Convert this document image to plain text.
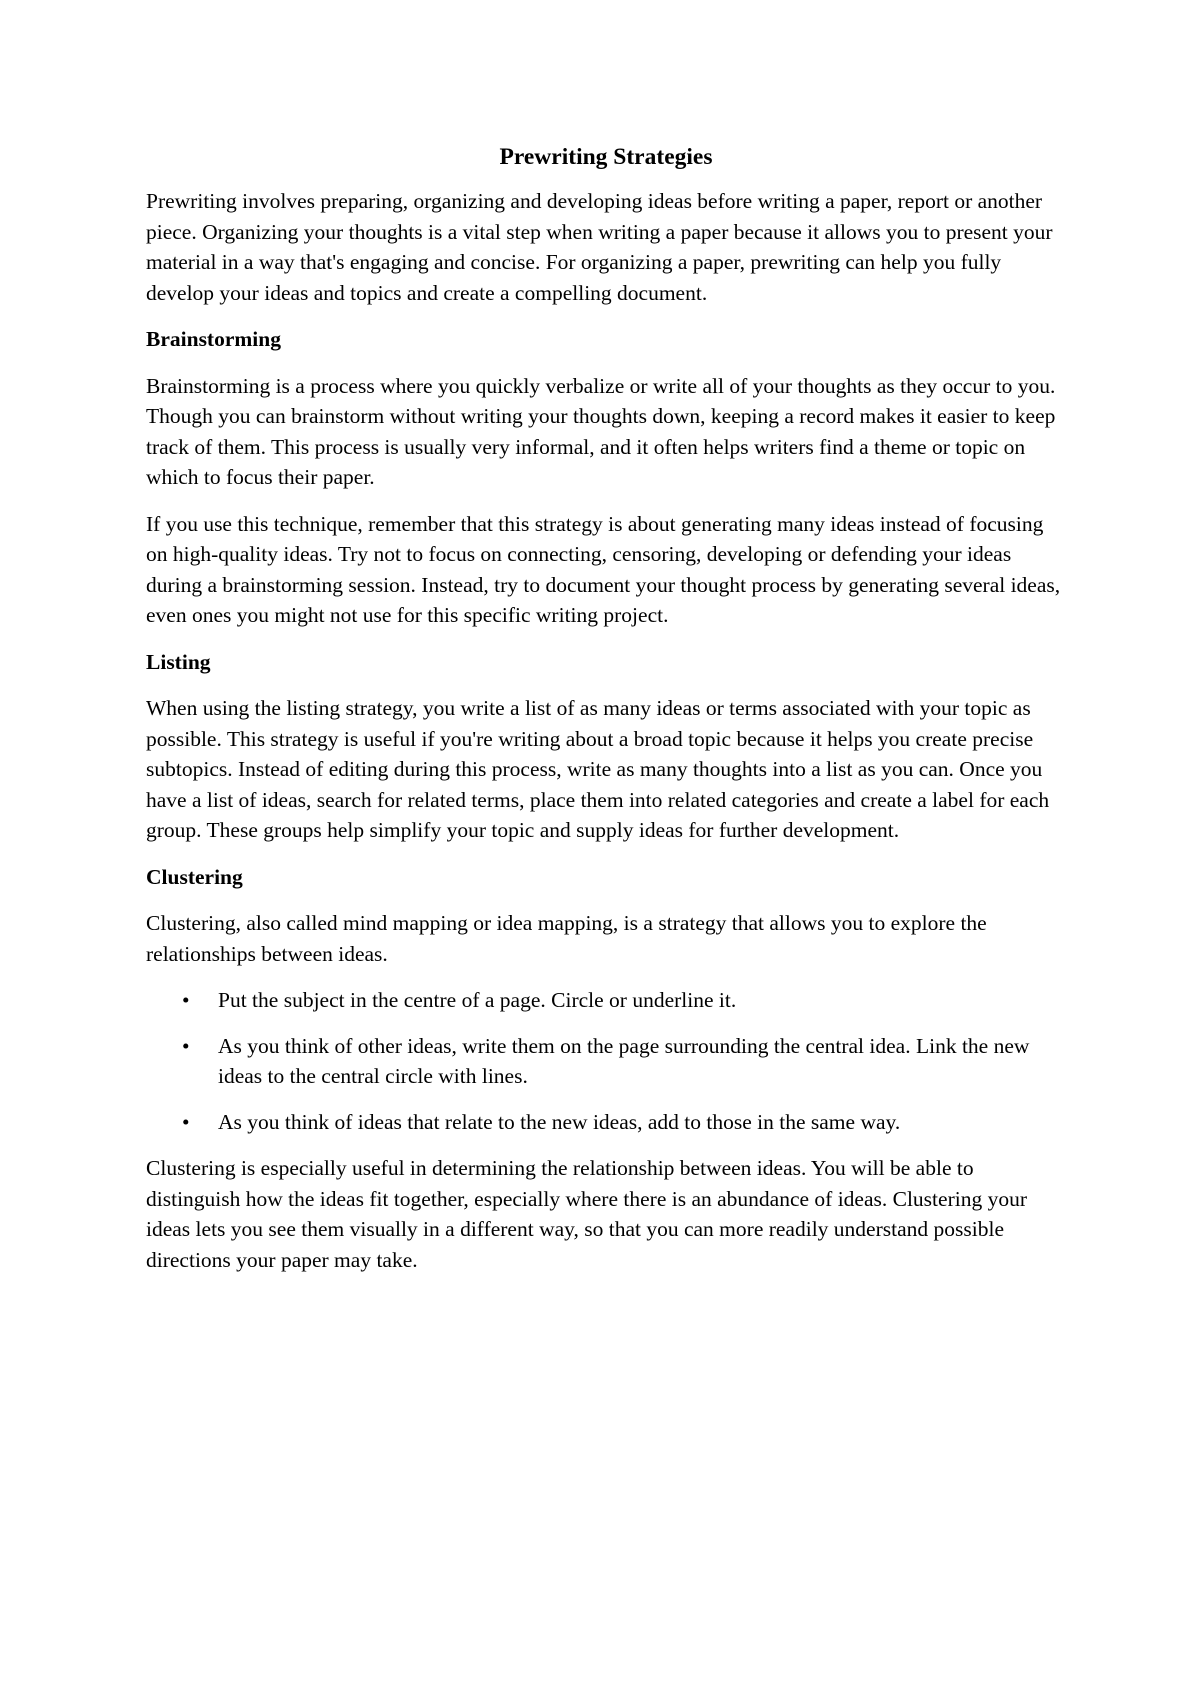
Prewriting Strategies

Prewriting involves preparing, organizing and developing ideas before writing a paper, report or another piece. Organizing your thoughts is a vital step when writing a paper because it allows you to present your material in a way that's engaging and concise. For organizing a paper, prewriting can help you fully develop your ideas and topics and create a compelling document.

Brainstorming

Brainstorming is a process where you quickly verbalize or write all of your thoughts as they occur to you. Though you can brainstorm without writing your thoughts down, keeping a record makes it easier to keep track of them. This process is usually very informal, and it often helps writers find a theme or topic on which to focus their paper.

If you use this technique, remember that this strategy is about generating many ideas instead of focusing on high-quality ideas. Try not to focus on connecting, censoring, developing or defending your ideas during a brainstorming session. Instead, try to document your thought process by generating several ideas, even ones you might not use for this specific writing project.

Listing

When using the listing strategy, you write a list of as many ideas or terms associated with your topic as possible. This strategy is useful if you're writing about a broad topic because it helps you create precise subtopics. Instead of editing during this process, write as many thoughts into a list as you can. Once you have a list of ideas, search for related terms, place them into related categories and create a label for each group. These groups help simplify your topic and supply ideas for further development.

Clustering

Clustering, also called mind mapping or idea mapping, is a strategy that allows you to explore the relationships between ideas.

• Put the subject in the centre of a page. Circle or underline it.
• As you think of other ideas, write them on the page surrounding the central idea. Link the new ideas to the central circle with lines.
• As you think of ideas that relate to the new ideas, add to those in the same way.

Clustering is especially useful in determining the relationship between ideas. You will be able to distinguish how the ideas fit together, especially where there is an abundance of ideas. Clustering your ideas lets you see them visually in a different way, so that you can more readily understand possible directions your paper may take.
